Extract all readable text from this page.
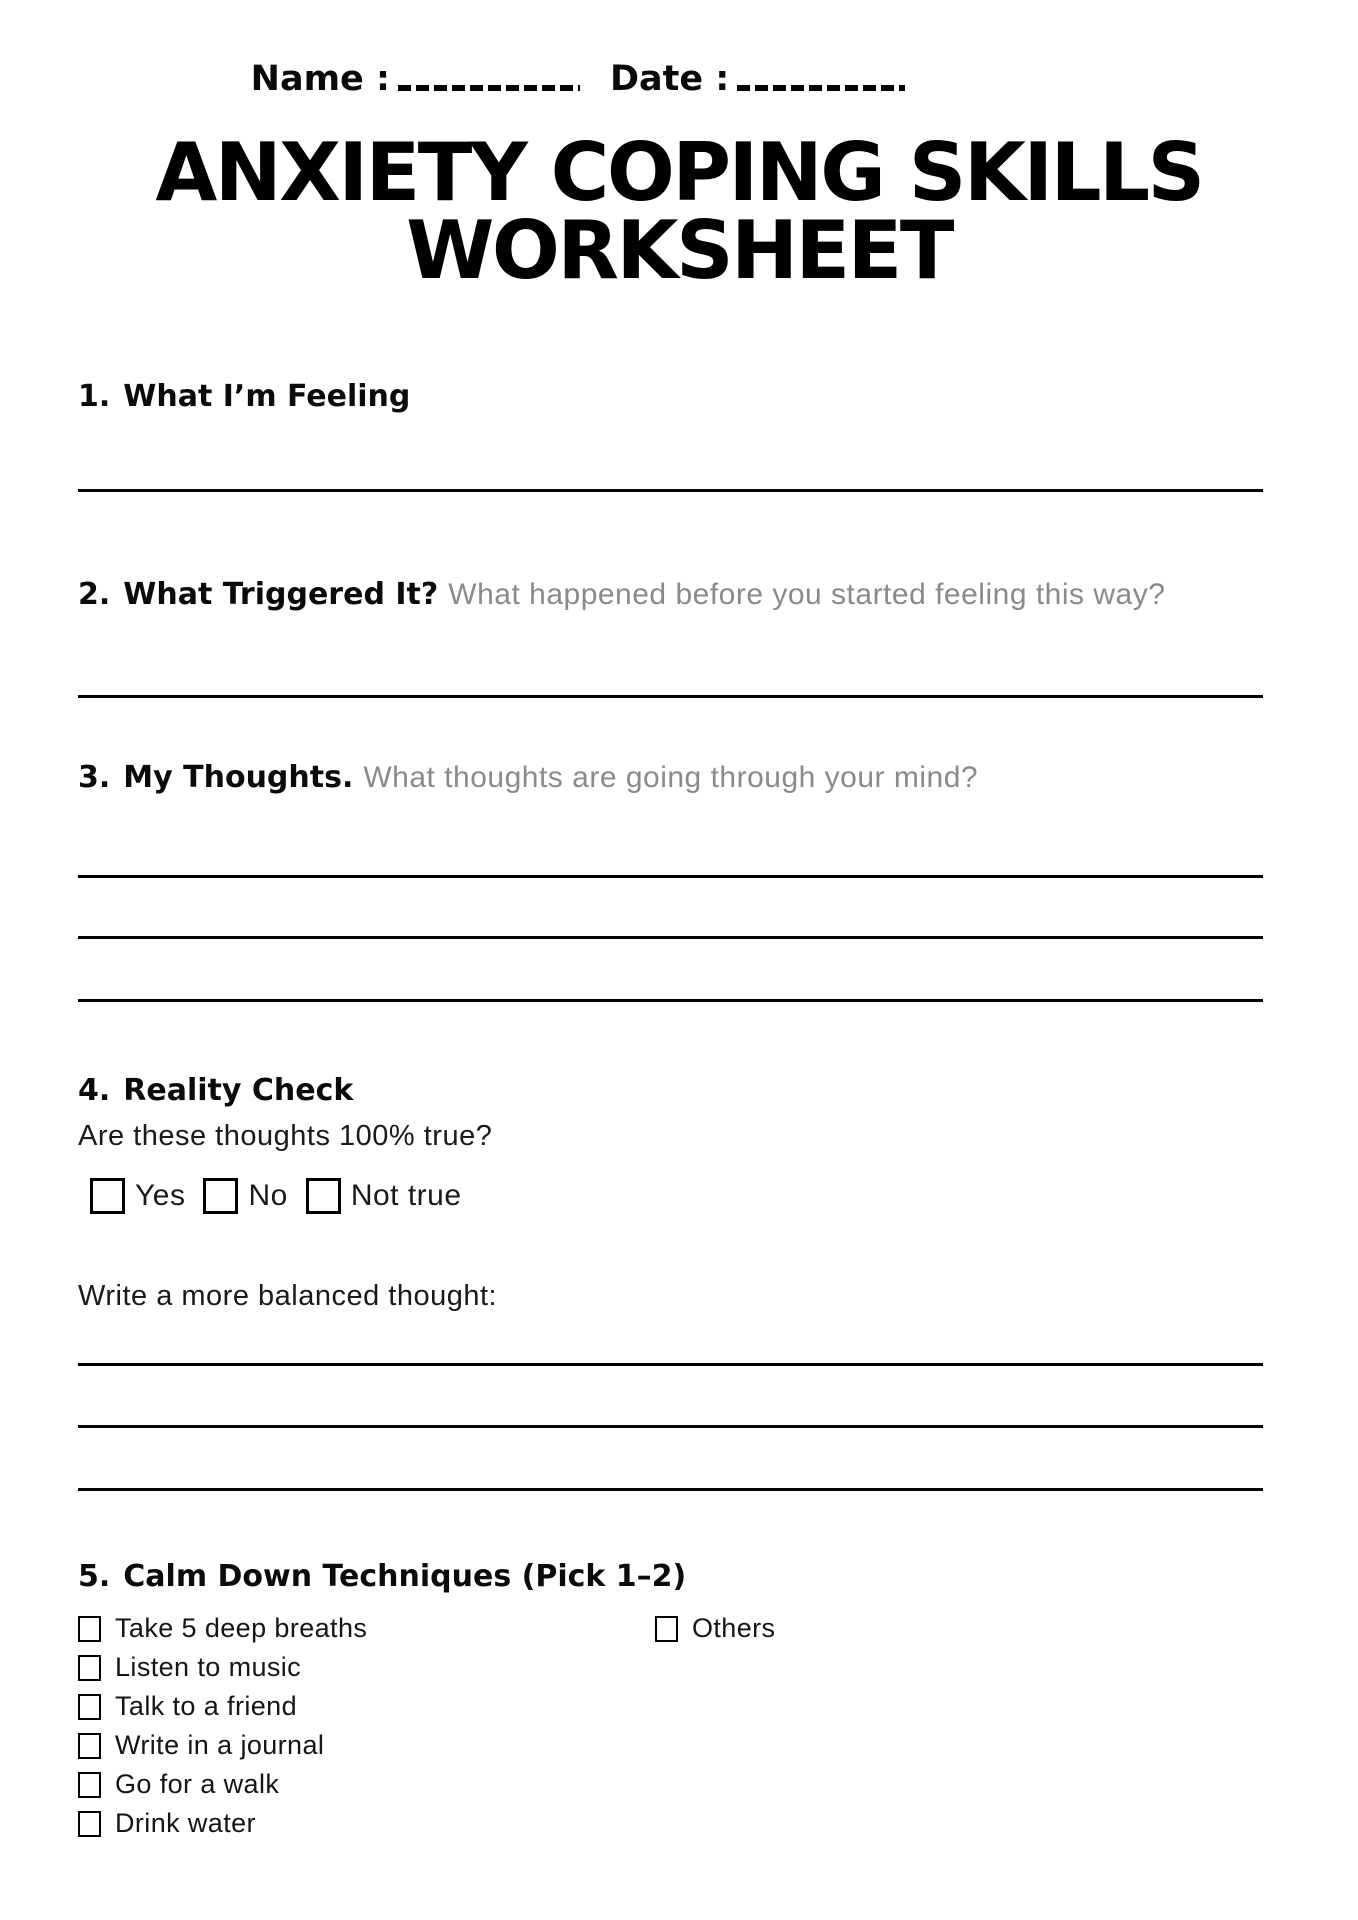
Name :	Date :
ANXIETY COPING SKILLS
WORKSHEET
1. What I’m Feeling
2. What Triggered It? What happened before you started feeling this way?
3. My Thoughts. What thoughts are going through your mind?
4. Reality Check
Are these thoughts 100% true?
Yes No Not true
Write a more balanced thought:
5. Calm Down Techniques (Pick 1–2)
Take 5 deep breaths
Listen to music
Talk to a friend
Write in a journal
Go for a walk
Drink water
Others
